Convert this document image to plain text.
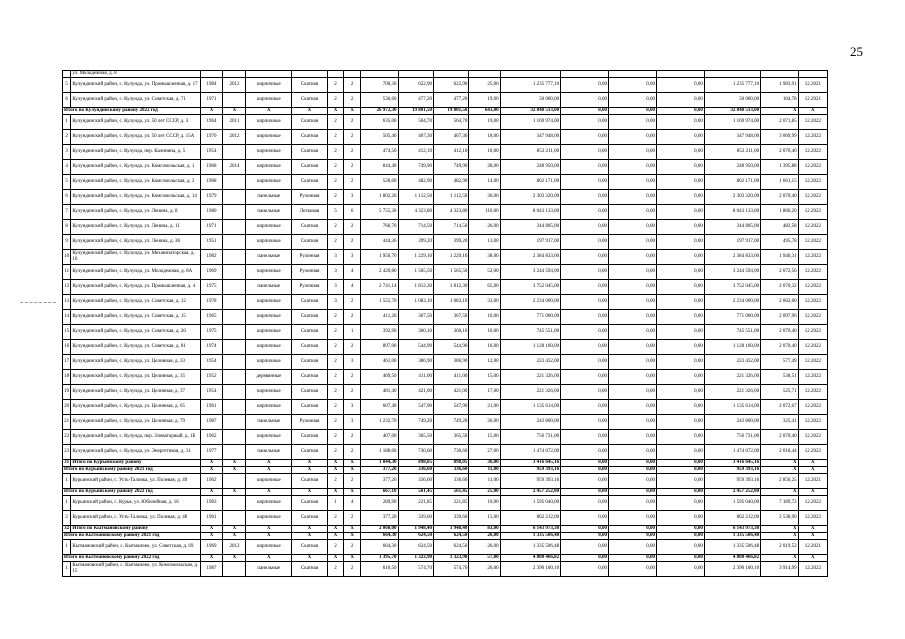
25
	ул. Молодежная, д. 8																	
5	Кулундинский район, с. Кулунда, ул. Промышленная, д. 17	1984	2012	кирпичные	Скатная	2	2	700,30	622,90	622,90	25,00	1 235 777,10	0,00	0,00	0,00	1 235 777,10	1 983,91	12.2021
6	Кулундинский район, с. Кулунда, ул. Советская, д. 71	1971		кирпичные	Скатная	2	2	536,60	477,20	477,20	19,00	50 000,00	0,00	0,00	0,00	50 000,00	104,78	12.2021
Итого по Кулундинскому району 2022 год		X	X	X	X	X	X	26 972,30	19 801,50	19 801,50	643,00	32 848 513,00	0,00	0,00	0,00	32 848 513,00	X	X
1	Кулундинский район, с. Кулунда, ул. 50 лет СССР, д. 3	1964	2011	кирпичные	Скатная	2	2	635,00	564,70	564,70	19,00	1 169 974,00	0,00	0,00	0,00	1 169 974,00	2 071,85	12.2022
2	Кулундинский район, с. Кулунда, ул. 50 лет СССР, д. 15А	1970	2012	кирпичные	Скатная	2	2	505,40	467,30	467,30	18,00	347 948,00	0,00	0,00	0,00	347 948,00	3 069,99	12.2022
3	Кулундинский район, с. Кулунда, пер. Калинина, д. 5	1954		кирпичные	Скатная	2	2	474,50	412,10	412,10	10,00	853 211,00	0,00	0,00	0,00	853 211,00	2 070,40	12.2022
4	Кулундинский район, с. Кулунда, ул. Комсомольская, д. 1	1968	2014	кирпичные	Скатная	2	2	844,40	749,90	749,90	28,00	248 950,00	0,00	0,00	0,00	248 950,00	1 395,88	12.2022
5	Кулундинский район, с. Кулунда, ул. Комсомольская, д. 3	1968		кирпичные	Скатная	2	2	528,00	482,90	482,90	14,00	802 171,00	0,00	0,00	0,00	802 171,00	1 661,15	12.2022
6	Кулундинский район, с. Кулунда, ул. Комсомольская, д. 14	1979		панельные	Рулонная	2	3	1 802,20	1 112,50	1 112,50	36,00	2 303 320,00	0,00	0,00	0,00	2 303 320,00	2 070,40	12.2022
7	Кулундинский район, с. Кулунда, ул. Ленина, д. 8	1980		панельные	Лотковая	5	6	5 755,30	4 323,80	4 323,80	116,00	8 043 133,00	0,00	0,00	0,00	8 043 133,00	1 860,20	12.2022
8	Кулундинский район, с. Кулунда, ул. Ленина, д. 11	1971		кирпичные	Скатная	2	2	766,70	714,50	714,50	26,00	344 805,00	0,00	0,00	0,00	344 805,00	482,58	12.2022
9	Кулундинский район, с. Кулунда, ул. Ленина, д. 36	1951		кирпичные	Скатная	2	2	444,36	399,20	399,20	13,00	197 917,00	0,00	0,00	0,00	197 917,00	495,78	12.2022
10	Кулундинский район, с. Кулунда, ул. Механизаторская, д. 16	1982		панельные	Рулонная	3	3	1 950,70	1 229,10	1 229,10	38,00	2 384 833,00	0,00	0,00	0,00	2 384 833,00	1 940,31	12.2022
11	Кулундинский район, с. Кулунда, ул. Молодежная, д. 8А	1969		кирпичные	Рулонная	3	4	2 420,80	1 565,50	1 565,50	52,00	3 244 594,00	0,00	0,00	0,00	3 244 594,00	2 072,56	12.2022
12	Кулундинский район, с. Кулунда, ул. Промышленная, д. 4	1975		панельные	Рулонная	3	4	2 741,14	1 812,30	1 812,30	65,00	3 752 045,00	0,00	0,00	0,00	3 752 045,00	2 070,32	12.2022
13	Кулундинский район, с. Кулунда, ул. Советская, д. 12	1978		кирпичные	Скатная	3	2	1 555,70	1 083,10	1 083,10	33,00	2 234 000,00	0,00	0,00	0,00	2 234 000,00	2 062,60	12.2022
14	Кулундинский район, с. Кулунда, ул. Советская, д. 15	1965		кирпичные	Скатная	2	2	411,20	367,50	367,50	10,00	771 000,00	0,00	0,00	0,00	771 000,00	2 097,96	12.2022
15	Кулундинский район, с. Кулунда, ул. Советская, д. 20	1975		кирпичные	Скатная	2	1	392,90	360,10	360,10	16,00	745 551,00	0,00	0,00	0,00	745 551,00	2 070,40	12.2022
16	Кулундинский район, с. Кулунда, ул. Советская, д. 81	1974		кирпичные	Скатная	2	2	897,00	544,90	544,90	16,00	1 128 160,00	0,00	0,00	0,00	1 128 160,00	2 070,40	12.2022
17	Кулундинский район, с. Кулунда, ул. Целинная, д. 33	1954		кирпичные	Скатная	2	3	461,00	386,90	386,90	12,00	223 432,00	0,00	0,00	0,00	223 432,00	577,49	12.2022
18	Кулундинский район, с. Кулунда, ул. Целинная, д. 35	1952		деревянные	Скатная	2	2	469,50	411,00	411,00	15,00	221 326,00	0,00	0,00	0,00	221 326,00	538,51	12.2022
19	Кулундинский район, с. Кулунда, ул. Целинная, д. 37	1954		кирпичные	Скатная	2	2	481,40	421,00	421,00	17,00	221 326,00	0,00	0,00	0,00	221 326,00	525,71	12.2022
20	Кулундинский район, с. Кулунда, ул. Целинная, д. 65	1961		кирпичные	Скатная	2	3	607,40	547,90	547,90	21,00	1 135 614,00	0,00	0,00	0,00	1 135 614,00	2 072,67	12.2022
21	Кулундинский район, с. Кулунда, ул. Целинная, д. 79	1987		панельные	Рулонная	2	3	1 232,70	749,20	749,20	26,00	243 800,00	0,00	0,00	0,00	243 800,00	325,41	12.2022
22	Кулундинский район, с. Кулунда, пер. Элеваторный, д. 1Б	1962		кирпичные	Скатная	2	2	407,00	365,50	365,50	15,00	756 731,00	0,00	0,00	0,00	756 731,00	2 070,40	12.2022
23	Кулундинский район, с. Кулунда, ул. Энергетиков, д. 31	1977		панельные	Скатная	2	2	1 188,00	730,60	730,60	27,00	1 474 672,00	0,00	0,00	0,00	1 474 672,00	2 018,44	12.2022
31	Итого по Курьинскому району	X	X	X	X	X	X	1 044,30	898,05	898,05	36,00	3 416 645,16	0,00	0,00	0,00	3 416 645,16	X	X
Итого по Курьинскому району 2021 год		X	X	X	X	X	X	377,20	336,60	336,60	11,00	959 393,16	0,00	0,00	0,00	959 393,16	X	X
1	Курьинский район, с. Усть-Таловка, ул. Полевая, д. 49	1962		кирпичные	Скатная	2	2	377,20	336,60	336,60	11,00	959 393,16	0,00	0,00	0,00	959 393,16	2 850,25	12.2021
Итого по Курьинскому району 2022 год		X	X	X	X	X	X	667,10	561,45	561,45	25,00	2 457 252,00	0,00	0,00	0,00	2 457 252,00	X	X
1	Курьинский район, с. Курья, ул. Юбилейная, д. 16	1983		кирпичные	Скатная	1	4	289,90	221,85	221,85	10,00	1 595 040,00	0,00	0,00	0,00	1 595 040,00	7 189,72	12.2022
2	Курьинский район, с. Усть-Таловка, ул. Полевая, д. 48	1961		кирпичные	Скатная	2	2	377,20	339,60	339,60	15,00	862 212,00	0,00	0,00	0,00	862 212,00	2 538,90	12.2022
32	Итого по Кытмановскому району	X	X	X	X	X	X	2 060,00	1 948,40	1 948,40	83,00	6 143 973,30	0,00	0,00	0,00	6 143 973,30	X	X
Итого по Кытмановскому району 2021 год		X	X	X	X	X	X	664,30	624,50	624,50	26,00	1 335 506,48	0,00	0,00	0,00	1 335 506,48	X	X
1	Кытмановский район, с. Кытманово, ул. Советская, д. 69	1969	2012	кирпичные	Скатная	2	2	664,30	624,50	624,50	26,00	1 335 506,48	0,00	0,00	0,00	1 335 506,48	2 019,52	12.2021
Итого по Кытмановскому району 2022 год		X	X	X	X	X	X	1 395,70	1 323,90	1 323,90	57,00	4 808 466,82	0,00	0,00	0,00	4 808 466,82	X	X
1	Кытмановский район, с. Кытманово, ул. Комсомольская, д. 15	1987		панельные	Скатная	2	2	610,50	574,70	574,70	26,00	2 390 100,10	0,00	0,00	0,00	2 390 100,10	3 914,99	12.2022
